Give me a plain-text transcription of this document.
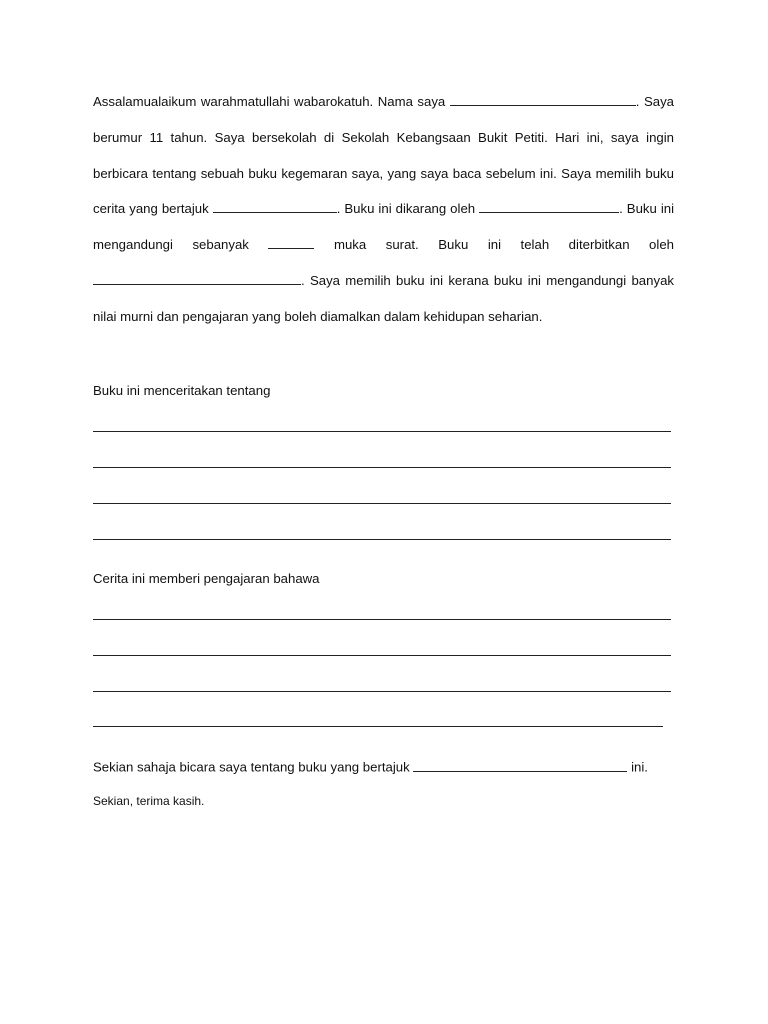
Assalamualaikum warahmatullahi wabarokatuh. Nama saya	. Saya berumur 11 tahun. Saya bersekolah di Sekolah Kebangsaan Bukit Petiti. Hari ini, saya ingin berbicara tentang sebuah buku kegemaran saya, yang saya baca sebelum ini. Saya memilih buku cerita yang bertajuk	. Buku ini dikarang oleh	. Buku ini mengandungi sebanyak	muka surat. Buku ini telah diterbitkan oleh . Saya memilih buku ini kerana buku ini mengandungi banyak nilai murni dan pengajaran yang boleh diamalkan dalam kehidupan seharian.

Buku ini menceritakan tentang

Cerita ini memberi pengajaran bahawa

Sekian sahaja bicara saya tentang buku yang bertajuk	ini.

Sekian, terima kasih.
